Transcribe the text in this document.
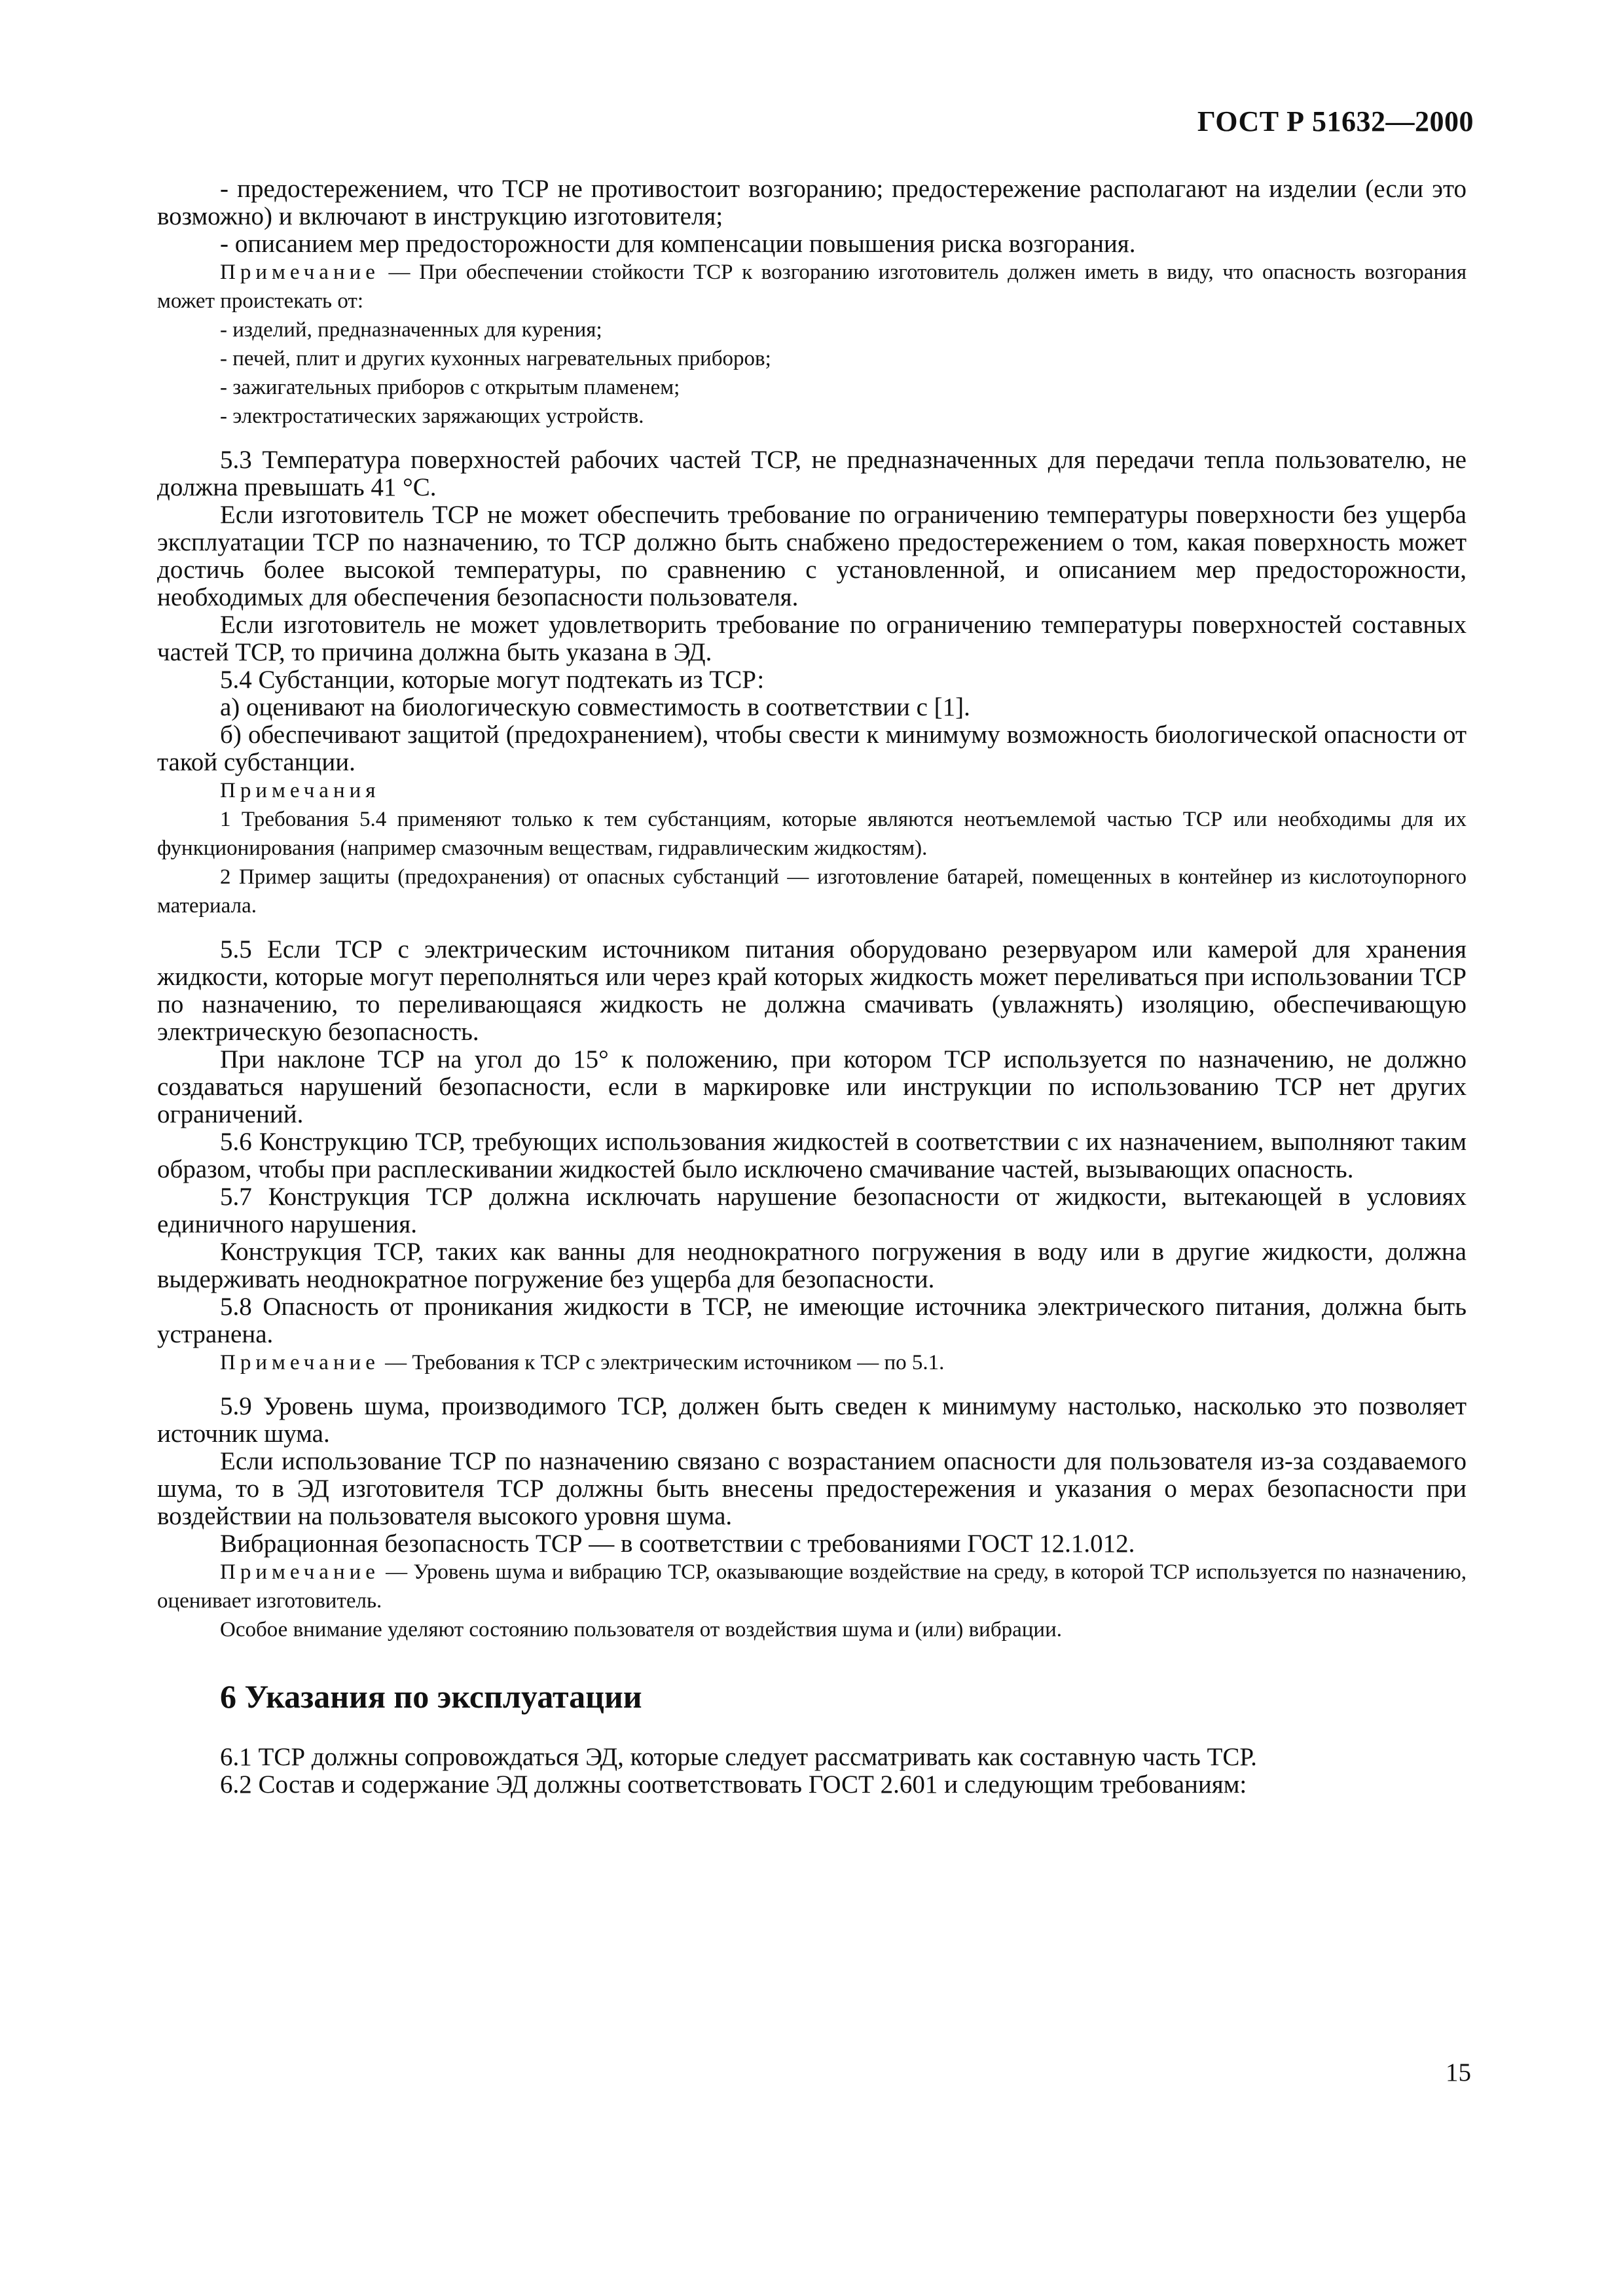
ГОСТ Р 51632—2000

- предостережением, что ТСР не противостоит возгоранию; предостережение располагают на изделии (если это возможно) и включают в инструкцию изготовителя;

- описанием мер предосторожности для компенсации повышения риска возгорания.

Примечание — При обеспечении стойкости ТСР к возгоранию изготовитель должен иметь в виду, что опасность возгорания может проистекать от:

- изделий, предназначенных для курения;

- печей, плит и других кухонных нагревательных приборов;

- зажигательных приборов с открытым пламенем;

- электростатических заряжающих устройств.

5.3 Температура поверхностей рабочих частей ТСР, не предназначенных для передачи тепла пользователю, не должна превышать 41 °С.

Если изготовитель ТСР не может обеспечить требование по ограничению температуры поверхности без ущерба эксплуатации ТСР по назначению, то ТСР должно быть снабжено предостережением о том, какая поверхность может достичь более высокой температуры, по сравнению с установленной, и описанием мер предосторожности, необходимых для обеспечения безопасности пользователя.

Если изготовитель не может удовлетворить требование по ограничению температуры поверхностей составных частей ТСР, то причина должна быть указана в ЭД.

5.4 Субстанции, которые могут подтекать из ТСР:

а) оценивают на биологическую совместимость в соответствии с [1].

б) обеспечивают защитой (предохранением), чтобы свести к минимуму возможность биологической опасности от такой субстанции.

Примечания

1 Требования 5.4 применяют только к тем субстанциям, которые являются неотъемлемой частью ТСР или необходимы для их функционирования (например смазочным веществам, гидравлическим жидкостям).

2 Пример защиты (предохранения) от опасных субстанций — изготовление батарей, помещенных в контейнер из кислотоупорного материала.

5.5 Если ТСР с электрическим источником питания оборудовано резервуаром или камерой для хранения жидкости, которые могут переполняться или через край которых жидкость может переливаться при использовании ТСР по назначению, то переливающаяся жидкость не должна смачивать (увлажнять) изоляцию, обеспечивающую электрическую безопасность.

При наклоне ТСР на угол до 15° к положению, при котором ТСР используется по назначению, не должно создаваться нарушений безопасности, если в маркировке или инструкции по использованию ТСР нет других ограничений.

5.6 Конструкцию ТСР, требующих использования жидкостей в соответствии с их назначением, выполняют таким образом, чтобы при расплескивании жидкостей было исключено смачивание частей, вызывающих опасность.

5.7 Конструкция ТСР должна исключать нарушение безопасности от жидкости, вытекающей в условиях единичного нарушения.

Конструкция ТСР, таких как ванны для неоднократного погружения в воду или в другие жидкости, должна выдерживать неоднократное погружение без ущерба для безопасности.

5.8 Опасность от проникания жидкости в ТСР, не имеющие источника электрического питания, должна быть устранена.

Примечание — Требования к ТСР с электрическим источником — по 5.1.

5.9 Уровень шума, производимого ТСР, должен быть сведен к минимуму настолько, насколько это позволяет источник шума.

Если использование ТСР по назначению связано с возрастанием опасности для пользователя из-за создаваемого шума, то в ЭД изготовителя ТСР должны быть внесены предостережения и указания о мерах безопасности при воздействии на пользователя высокого уровня шума.

Вибрационная безопасность ТСР — в соответствии с требованиями ГОСТ 12.1.012.

Примечание — Уровень шума и вибрацию ТСР, оказывающие воздействие на среду, в которой ТСР используется по назначению, оценивает изготовитель.

Особое внимание уделяют состоянию пользователя от воздействия шума и (или) вибрации.

6 Указания по эксплуатации

6.1 ТСР должны сопровождаться ЭД, которые следует рассматривать как составную часть ТСР.

6.2 Состав и содержание ЭД должны соответствовать ГОСТ 2.601 и следующим требованиям:

15
